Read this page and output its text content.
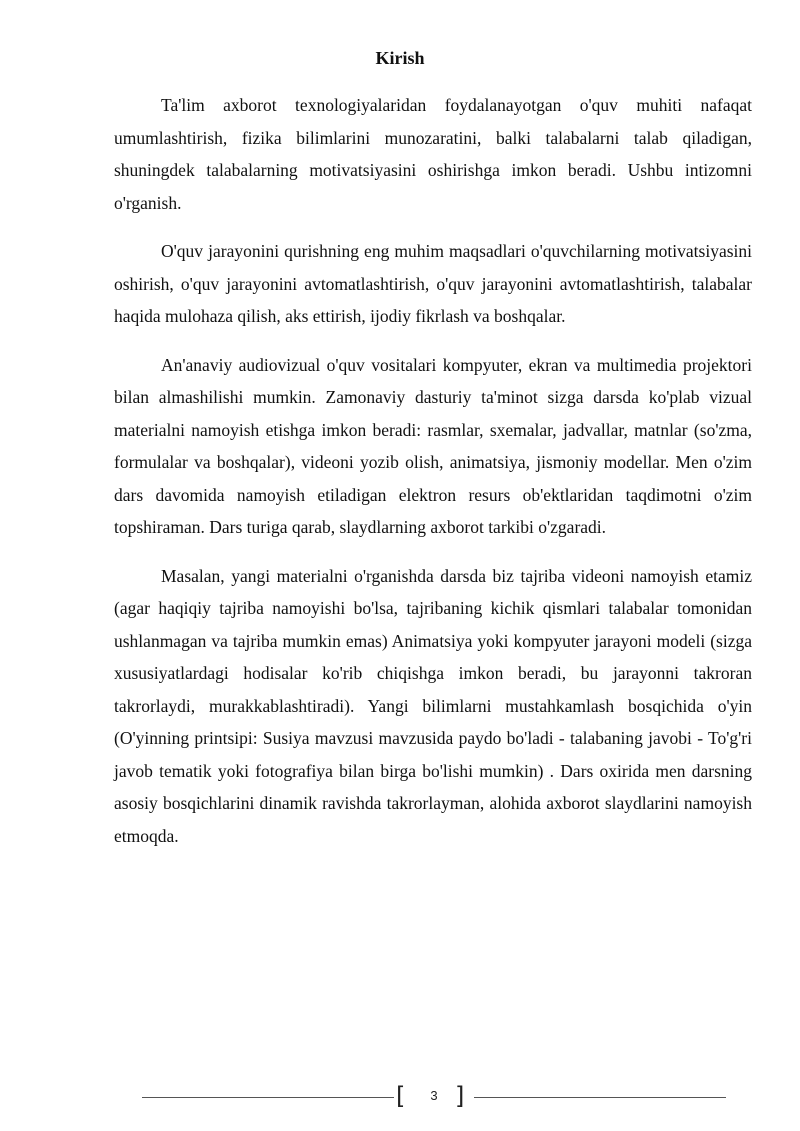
Kirish

Ta'lim axborot texnologiyalaridan foydalanayotgan o'quv muhiti nafaqat umumlashtirish, fizika bilimlarini munozaratini, balki talabalarni talab qiladigan, shuningdek talabalarning motivatsiyasini oshirishga imkon beradi. Ushbu intizomni o'rganish.

O'quv jarayonini qurishning eng muhim maqsadlari o'quvchilarning motivatsiyasini oshirish, o'quv jarayonini avtomatlashtirish, o'quv jarayonini avtomatlashtirish, talabalar haqida mulohaza qilish, aks ettirish, ijodiy fikrlash va boshqalar.

An'anaviy audiovizual o'quv vositalari kompyuter, ekran va multimedia projektori bilan almashilishi mumkin. Zamonaviy dasturiy ta'minot sizga darsda ko'plab vizual materialni namoyish etishga imkon beradi: rasmlar, sxemalar, jadvallar, matnlar (so'zma, formulalar va boshqalar), videoni yozib olish, animatsiya, jismoniy modellar. Men o'zim dars davomida namoyish etiladigan elektron resurs ob'ektlaridan taqdimotni o'zim topshiraman. Dars turiga qarab, slaydlarning axborot tarkibi o'zgaradi.

Masalan, yangi materialni o'rganishda darsda biz tajriba videoni namoyish etamiz (agar haqiqiy tajriba namoyishi bo'lsa, tajribaning kichik qismlari talabalar tomonidan ushlanmagan va tajriba mumkin emas) Animatsiya yoki kompyuter jarayoni modeli (sizga xususiyatlardagi hodisalar ko'rib chiqishga imkon beradi, bu jarayonni takroran takrorlaydi, murakkablashtiradi). Yangi bilimlarni mustahkamlash bosqichida o'yin (O'yinning printsipi: Susiya mavzusi mavzusida paydo bo'ladi - talabaning javobi - To'g'ri javob tematik yoki fotografiya bilan birga bo'lishi mumkin) . Dars oxirida men darsning asosiy bosqichlarini dinamik ravishda takrorlayman, alohida axborot slaydlarini namoyish etmoqda.

[	3 ]
